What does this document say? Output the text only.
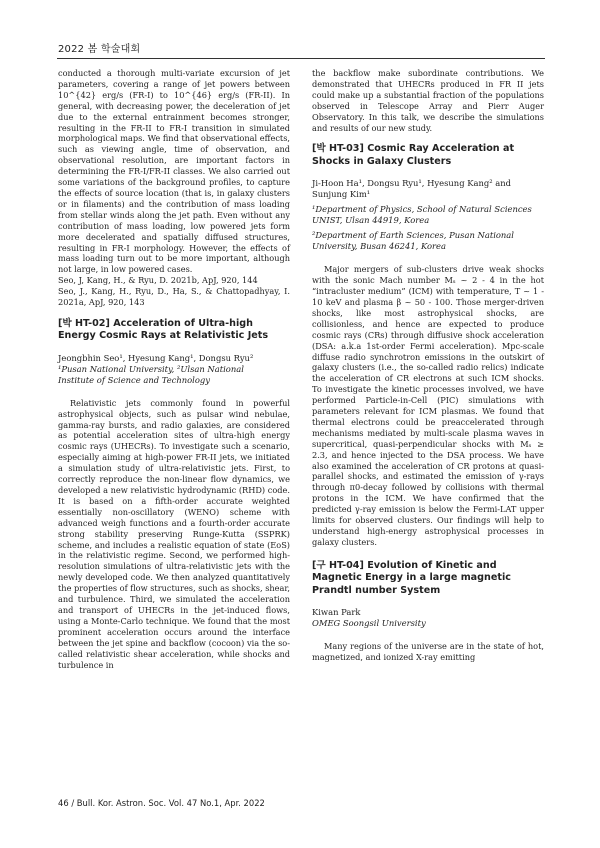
2022 봄 학술대회

conducted a thorough multi-variate excursion of jet parameters, covering a range of jet powers between 10^{42} erg/s (FR-I) to 10^{46} erg/s (FR-II). In general, with decreasing power, the deceleration of jet due to the external entrainment becomes stronger, resulting in the FR-II to FR-I transition in simulated morphological maps. We find that observational effects, such as viewing angle, time of observation, and observational resolution, are important factors in determining the FR-I/FR-II classes. We also carried out some variations of the background profiles, to capture the effects of source location (that is, in galaxy clusters or in filaments) and the contribution of mass loading from stellar winds along the jet path. Even without any contribution of mass loading, low powered jets form more decelerated and spatially diffused structures, resulting in FR-I morphology. However, the effects of mass loading turn out to be more important, although not large, in low powered cases.

Seo, J, Kang, H., & Ryu, D. 2021b, ApJ, 920, 144

Seo, J., Kang, H., Ryu, D., Ha, S., & Chattopadhyay, I. 2021a, ApJ, 920, 143

[박 HT-02] Acceleration of Ultra-high Energy Cosmic Rays at Relativistic Jets
Jeongbhin Seo¹, Hyesung Kang¹, Dongsu Ryu²
¹Pusan National University, ²Ulsan National
Institute of Science and Technology

Relativistic jets commonly found in powerful astrophysical objects, such as pulsar wind nebulae, gamma-ray bursts, and radio galaxies, are considered as potential acceleration sites of ultra-high energy cosmic rays (UHECRs). To investigate such a scenario, especially aiming at high-power FR-II jets, we initiated a simulation study of ultra-relativistic jets. First, to correctly reproduce the non-linear flow dynamics, we developed a new relativistic hydrodynamic (RHD) code. It is based on a fifth-order accurate weighted essentially non-oscillatory (WENO) scheme with advanced weigh functions and a fourth-order accurate strong stability preserving Runge-Kutta (SSPRK) scheme, and includes a realistic equation of state (EoS) in the relativistic regime. Second, we performed high-resolution simulations of ultra-relativistic jets with the newly developed code. We then analyzed quantitatively the properties of flow structures, such as shocks, shear, and turbulence. Third, we simulated the acceleration and transport of UHECRs in the jet-induced flows, using a Monte-Carlo technique. We found that the most prominent acceleration occurs around the interface between the jet spine and backflow (cocoon) via the so-called relativistic shear acceleration, while shocks and turbulence in

the backflow make subordinate contributions. We demonstrated that UHECRs produced in FR II jets could make up a substantial fraction of the populations observed in Telescope Array and Pierr Auger Observatory. In this talk, we describe the simulations and results of our new study.

[박 HT-03] Cosmic Ray Acceleration at Shocks in Galaxy Clusters
Ji-Hoon Ha¹, Dongsu Ryu¹, Hyesung Kang² and Sunjung Kim¹
¹Department of Physics, School of Natural Sciences UNIST, Ulsan 44919, Korea
²Department of Earth Sciences, Pusan National University, Busan 46241, Korea

Major mergers of sub-clusters drive weak shocks with the sonic Mach number Mₛ ~ 2 - 4 in the hot “intracluster medium” (ICM) with temperature, T ~ 1 - 10 keV and plasma β ~ 50 - 100. Those merger-driven shocks, like most astrophysical shocks, are collisionless, and hence are expected to produce cosmic rays (CRs) through diffusive shock acceleration (DSA: a.k.a 1st-order Fermi acceleration). Mpc-scale diffuse radio synchrotron emissions in the outskirt of galaxy clusters (i.e., the so-called radio relics) indicate the acceleration of CR electrons at such ICM shocks. To investigate the kinetic processes involved, we have performed Particle-in-Cell (PIC) simulations with parameters relevant for ICM plasmas. We found that thermal electrons could be preaccelerated through mechanisms mediated by multi-scale plasma waves in supercritical, quasi-perpendicular shocks with Mₛ ≥ 2.3, and hence injected to the DSA process. We have also examined the acceleration of CR protons at quasi-parallel shocks, and estimated the emission of γ-rays through π0-decay followed by collisions with thermal protons in the ICM. We have confirmed that the predicted γ-ray emission is below the Fermi-LAT upper limits for observed clusters. Our findings will help to understand high-energy astrophysical processes in galaxy clusters.

[구 HT-04] Evolution of Kinetic and Magnetic Energy in a large magnetic Prandtl number System
Kiwan Park
OMEG Soongsil University

Many regions of the universe are in the state of hot, magnetized, and ionized X-ray emitting

46 / Bull. Kor. Astron. Soc. Vol. 47 No.1, Apr. 2022
